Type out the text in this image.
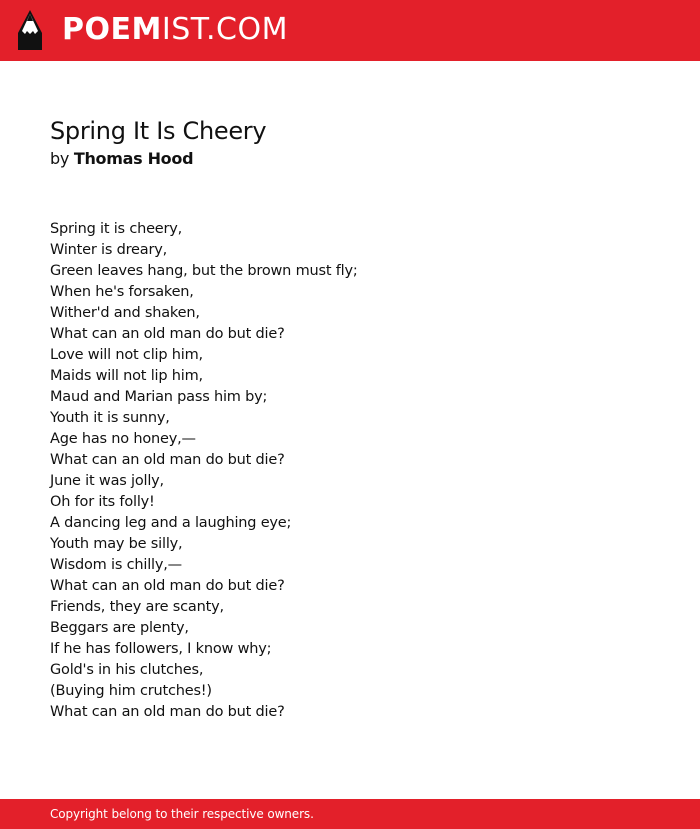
POEMIST.COM
Spring It Is Cheery
by Thomas Hood
Spring it is cheery,
Winter is dreary,
Green leaves hang, but the brown must fly;
When he's forsaken,
Wither'd and shaken,
What can an old man do but die?
Love will not clip him,
Maids will not lip him,
Maud and Marian pass him by;
Youth it is sunny,
Age has no honey,—
What can an old man do but die?
June it was jolly,
Oh for its folly!
A dancing leg and a laughing eye;
Youth may be silly,
Wisdom is chilly,—
What can an old man do but die?
Friends, they are scanty,
Beggars are plenty,
If he has followers, I know why;
Gold's in his clutches,
(Buying him crutches!)
What can an old man do but die?
Copyright belong to their respective owners.
